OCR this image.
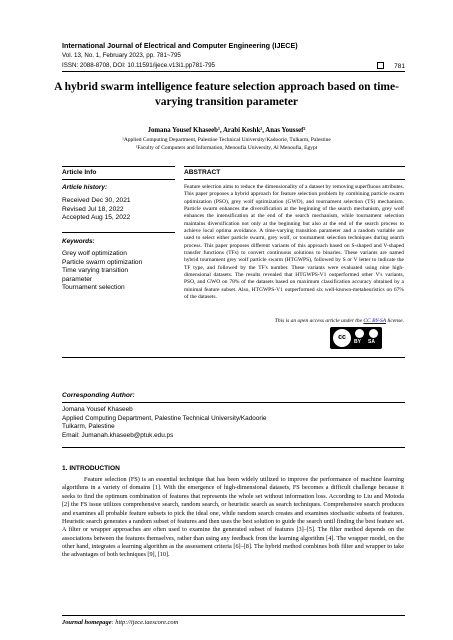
International Journal of Electrical and Computer Engineering (IJECE)
Vol. 13, No. 1, February 2023, pp. 781~795
ISSN: 2088-8708, DOI: 10.11591/ijece.v13i1.pp781-795	781
A hybrid swarm intelligence feature selection approach based on time-varying transition parameter
Jomana Yousef Khaseeb¹, Arabi Keshk², Anas Youssef²
¹Applied Computing Department, Palestine Technical University/Kadoorie, Tulkarm, Palestine
²Faculty of Computers and Information, Menoufia University, Al Menoufia, Egypt
Article Info
Article history:
Received Dec 30, 2021
Revised Jul 18, 2022
Accepted Aug 15, 2022
Keywords:
Grey wolf optimization
Particle swarm optimization
Time varying transition
parameter
Tournament selection
ABSTRACT
Feature selection aims to reduce the dimensionality of a dataset by removing superfluous attributes. This paper proposes a hybrid approach for feature selection problem by combining particle swarm optimization (PSO), grey wolf optimization (GWO), and tournament selection (TS) mechanism. Particle swarm enhances the diversification at the beginning of the search mechanism, grey wolf enhances the intensification at the end of the search mechanism, while tournament selection maintains diversification not only at the beginning but also at the end of the search process to achieve local optima avoidance. A time-varying transition parameter and a random variable are used to select either particle swarm, grey wolf, or tournament selection techniques during search process. This paper proposes different variants of this approach based on S-shaped and V-shaped transfer functions (TFs) to convert continuous solutions to binaries. These variants are named hybrid tournament grey wolf particle swarm (HTGWPS), followed by S or V letter to indicate the TF type, and followed by the TF's number. These variants were evaluated using nine high-dimensional datasets. The results revealed that HTGWPS-V1 outperformed other V's variants, PSO, and GWO on 78% of the datasets based on maximum classification accuracy obtained by a minimal feature subset. Also, HTGWPS-V1 outperformed six well-known-metaheuristics on 67% of the datasets.
This is an open access article under the CC BY-SA license.
cc
BY SA
Corresponding Author:
Jomana Yousef Khaseeb
Applied Computing Department, Palestine Technical University/Kadoorie
Tulkarm, Palestine
Email: Jumanah.khaseeb@ptuk.edu.ps
1. INTRODUCTION
Feature selection (FS) is an essential technique that has been widely utilized to improve the performance of machine learning algorithms in a variety of domains [1]. With the emergence of high-dimensional datasets, FS becomes a difficult challenge because it seeks to find the optimum combination of features that represents the whole set without information loss. According to Liu and Motoda [2] the FS issue utilizes comprehensive search, random search, or heuristic search as search techniques. Comprehensive search produces and examines all probable feature subsets to pick the ideal one, while random search creates and examines stochastic subsets of features. Heuristic search generates a random subset of features and then uses the best solution to guide the search until finding the best feature set. A filter or wrapper approaches are often used to examine the generated subset of features [3]–[5]. The filter method depends on the associations between the features themselves, rather than using any feedback from the learning algorithm [4]. The wrapper model, on the other hand, integrates a learning algorithm as the assessment criteria [6]–[8]. The hybrid method combines both filter and wrapper to take the advantages of both techniques [9], [10].
Journal homepage: http://ijece.iaescore.com
